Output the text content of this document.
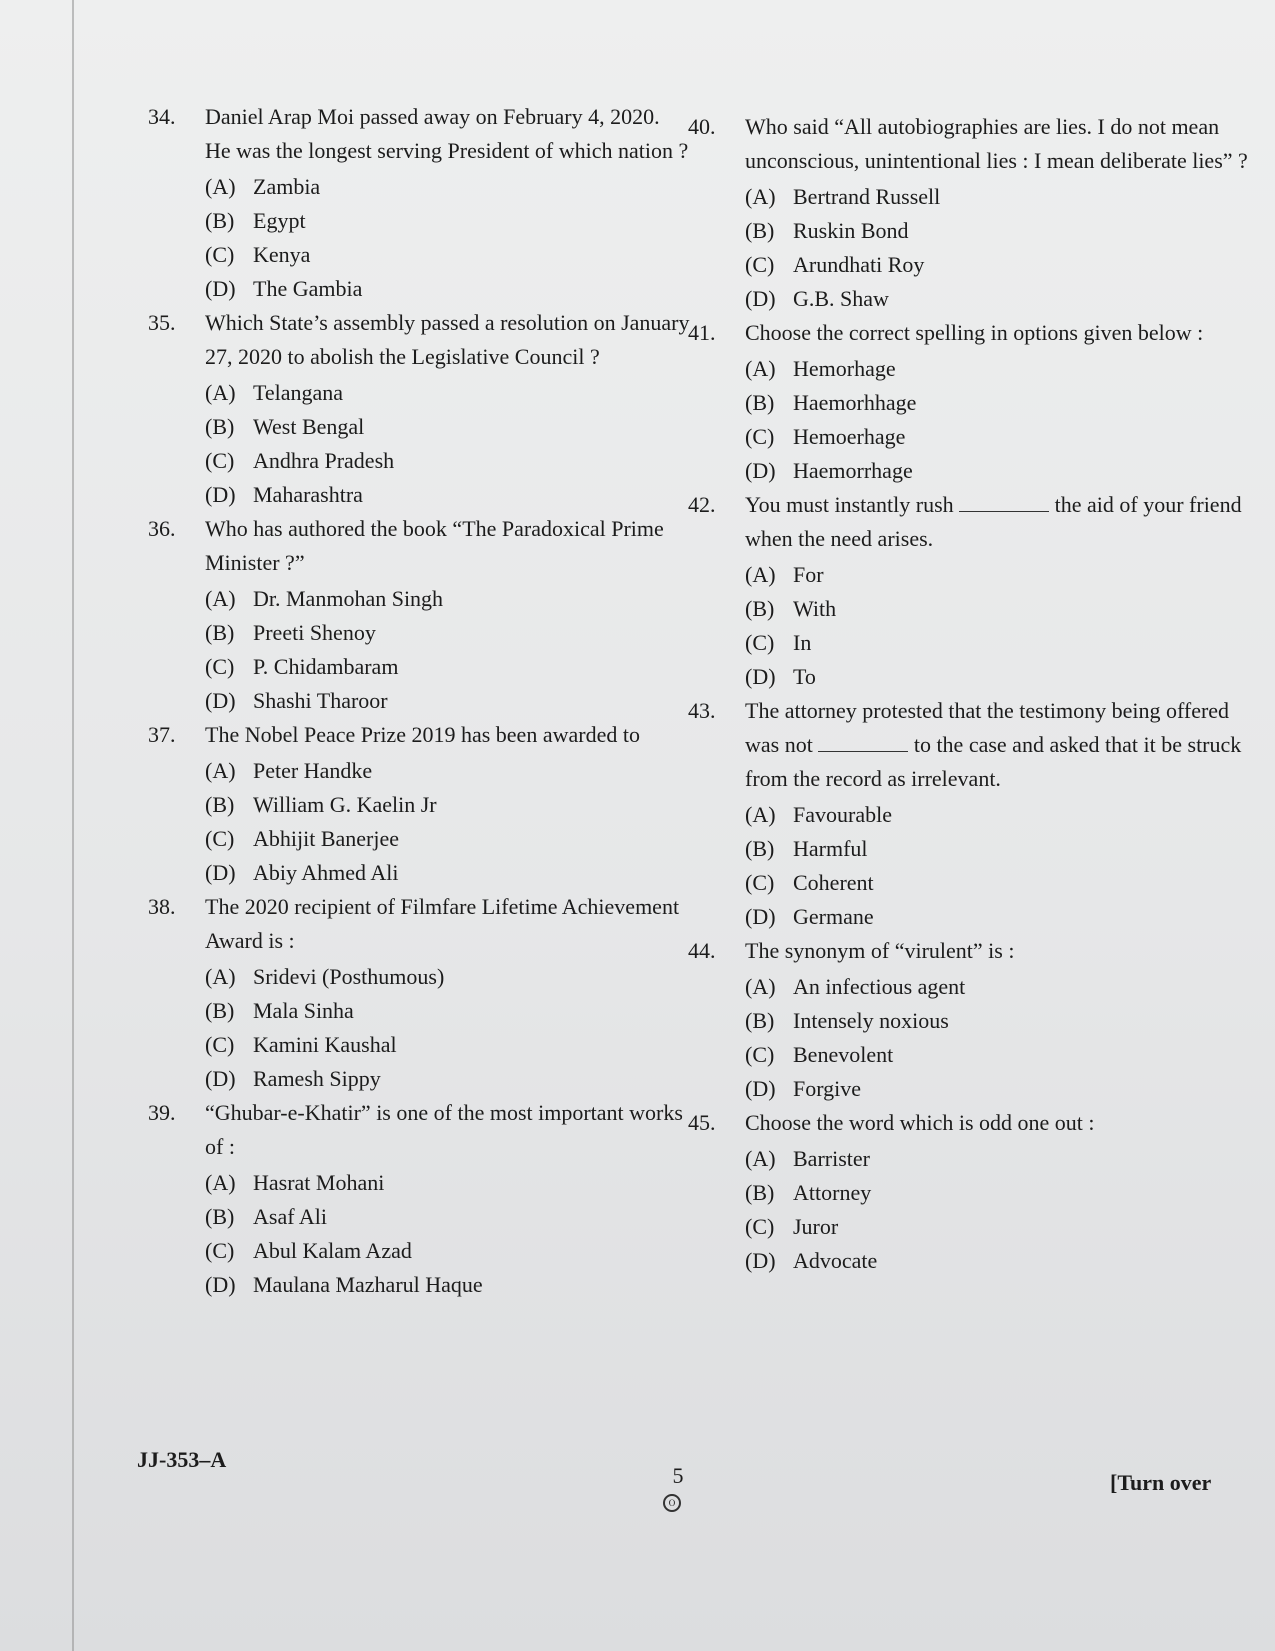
34.	Daniel Arap Moi passed away on February 4, 2020. He was the longest serving President of which nation ?
(A) Zambia
(B) Egypt
(C) Kenya
(D) The Gambia
35.	Which State’s assembly passed a resolution on January 27, 2020 to abolish the Legislative Council ?
(A) Telangana
(B) West Bengal
(C) Andhra Pradesh
(D) Maharashtra
36.	Who has authored the book “The Paradoxical Prime Minister ?”
(A) Dr. Manmohan Singh
(B) Preeti Shenoy
(C) P. Chidambaram
(D) Shashi Tharoor
37.	The Nobel Peace Prize 2019 has been awarded to
(A) Peter Handke
(B) William G. Kaelin Jr
(C) Abhijit Banerjee
(D) Abiy Ahmed Ali
38.	The 2020 recipient of Filmfare Lifetime Achievement Award is :
(A) Sridevi (Posthumous)
(B) Mala Sinha
(C) Kamini Kaushal
(D) Ramesh Sippy
39.	“Ghubar-e-Khatir” is one of the most important works of :
(A) Hasrat Mohani
(B) Asaf Ali
(C) Abul Kalam Azad
(D) Maulana Mazharul Haque
40.	Who said “All autobiographies are lies. I do not mean unconscious, unintentional lies : I mean deliberate lies” ?
(A) Bertrand Russell
(B) Ruskin Bond
(C) Arundhati Roy
(D) G.B. Shaw
41.	Choose the correct spelling in options given below :
(A) Hemorhage
(B) Haemorhhage
(C) Hemoerhage
(D) Haemorrhage
42.	You must instantly rush	the aid of your friend when the need arises.
(A) For
(B) With
(C) In
(D) To
43.	The attorney protested that the testimony being offered was not	to the case and asked that it be struck from the record as irrelevant.
(A) Favourable
(B) Harmful
(C) Coherent
(D) Germane
44.	The synonym of “virulent” is :
(A) An infectious agent
(B) Intensely noxious
(C) Benevolent
(D) Forgive
45.	Choose the word which is odd one out :
(A) Barrister
(B) Attorney
(C) Juror
(D) Advocate
JJ-353–A
5
O
[Turn over
